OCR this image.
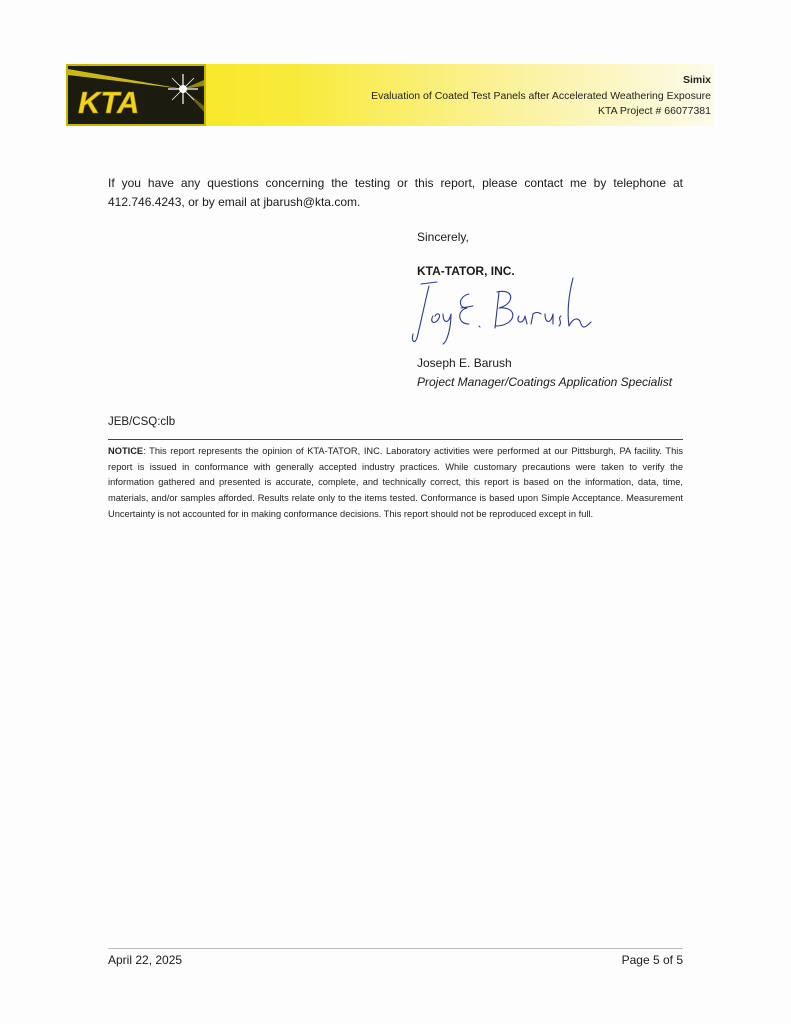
KTA
Simix
Evaluation of Coated Test Panels after Accelerated Weathering Exposure
KTA Project # 66077381
If you have any questions concerning the testing or this report, please contact me by telephone at 412.746.4243, or by email at jbarush@kta.com.
Sincerely,
KTA-TATOR, INC.
Joseph E. Barush
Project Manager/Coatings Application Specialist
JEB/CSQ:clb
NOTICE: This report represents the opinion of KTA-TATOR, INC. Laboratory activities were performed at our Pittsburgh, PA facility. This report is issued in conformance with generally accepted industry practices. While customary precautions were taken to verify the information gathered and presented is accurate, complete, and technically correct, this report is based on the information, data, time, materials, and/or samples afforded. Results relate only to the items tested. Conformance is based upon Simple Acceptance. Measurement Uncertainty is not accounted for in making conformance decisions. This report should not be reproduced except in full.
April 22, 2025	Page 5 of 5
